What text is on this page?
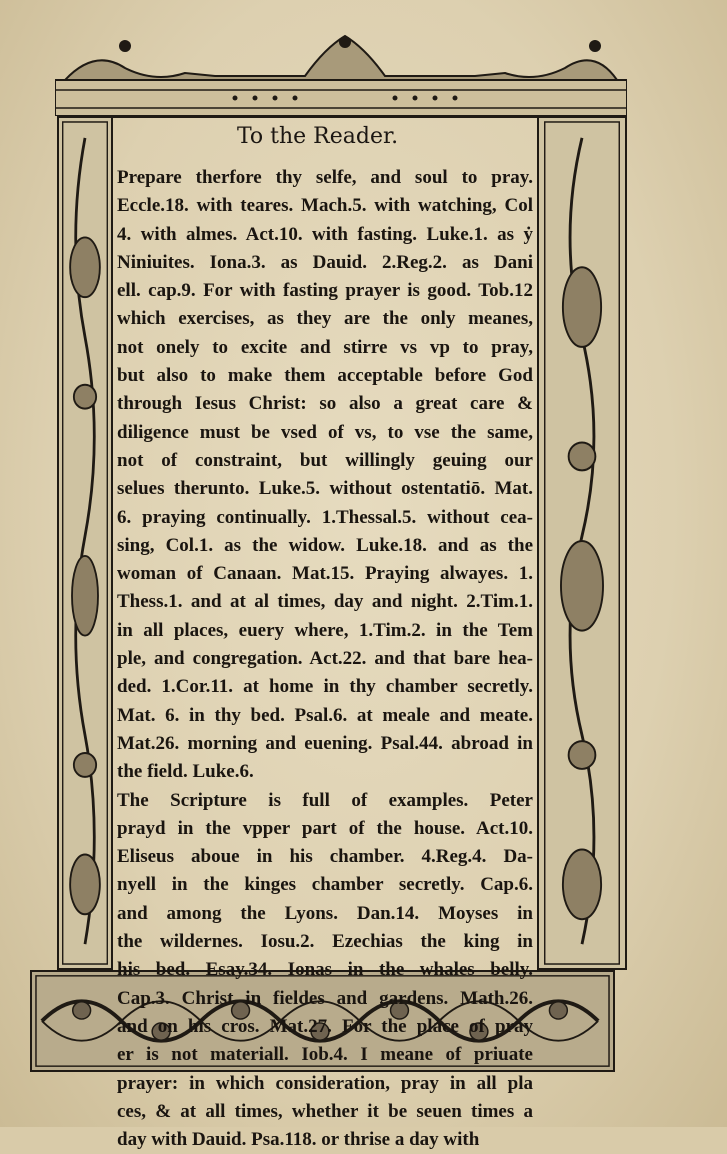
To the Reader.
Prepare therfore thy selfe, and soul to pray.
Eccle.18. with teares. Mach.5. with watching, Col
4. with almes. Act.10. with fasting. Luke.1. as ẏ
Niniuites. Iona.3. as Dauid. 2.Reg.2. as Dani
ell. cap.9. For with fasting prayer is good. Tob.12
which exercises, as they are the only meanes,
not onely to excite and stirre vs vp to pray,
but also to make them acceptable before God
through Iesus Christ: so also a great care &
diligence must be vsed of vs, to vse the same,
not of constraint, but willingly geuing our
selues therunto. Luke.5. without ostentatiō. Mat.
6. praying continually. 1.Thessal.5. without cea-
sing, Col.1. as the widow. Luke.18. and as the
woman of Canaan. Mat.15. Praying alwayes. 1.
Thess.1. and at al times, day and night. 2.Tim.1.
in all places, euery where, 1.Tim.2. in the Tem
ple, and congregation. Act.22. and that bare hea-
ded. 1.Cor.11. at home in thy chamber secretly.
Mat. 6. in thy bed. Psal.6. at meale and meate.
Mat.26. morning and euening. Psal.44. abroad in
the field. Luke.6.
The Scripture is full of examples. Peter
prayd in the vpper part of the house. Act.10.
Eliseus aboue in his chamber. 4.Reg.4. Da-
nyell in the kinges chamber secretly. Cap.6.
and among the Lyons. Dan.14. Moyses in
the wildernes. Iosu.2. Ezechias the king in
his bed. Esay.34. Ionas in the whales belly.
Cap.3. Christ in fieldes and gardens. Math.26.
and on his cros. Mat.27. For the place of pray
er is not materiall. Iob.4. I meane of priuate
prayer: in which consideration, pray in all pla
ces, & at all times, whether it be seuen times a
day with Dauid. Psa.118. or thrise a day with
